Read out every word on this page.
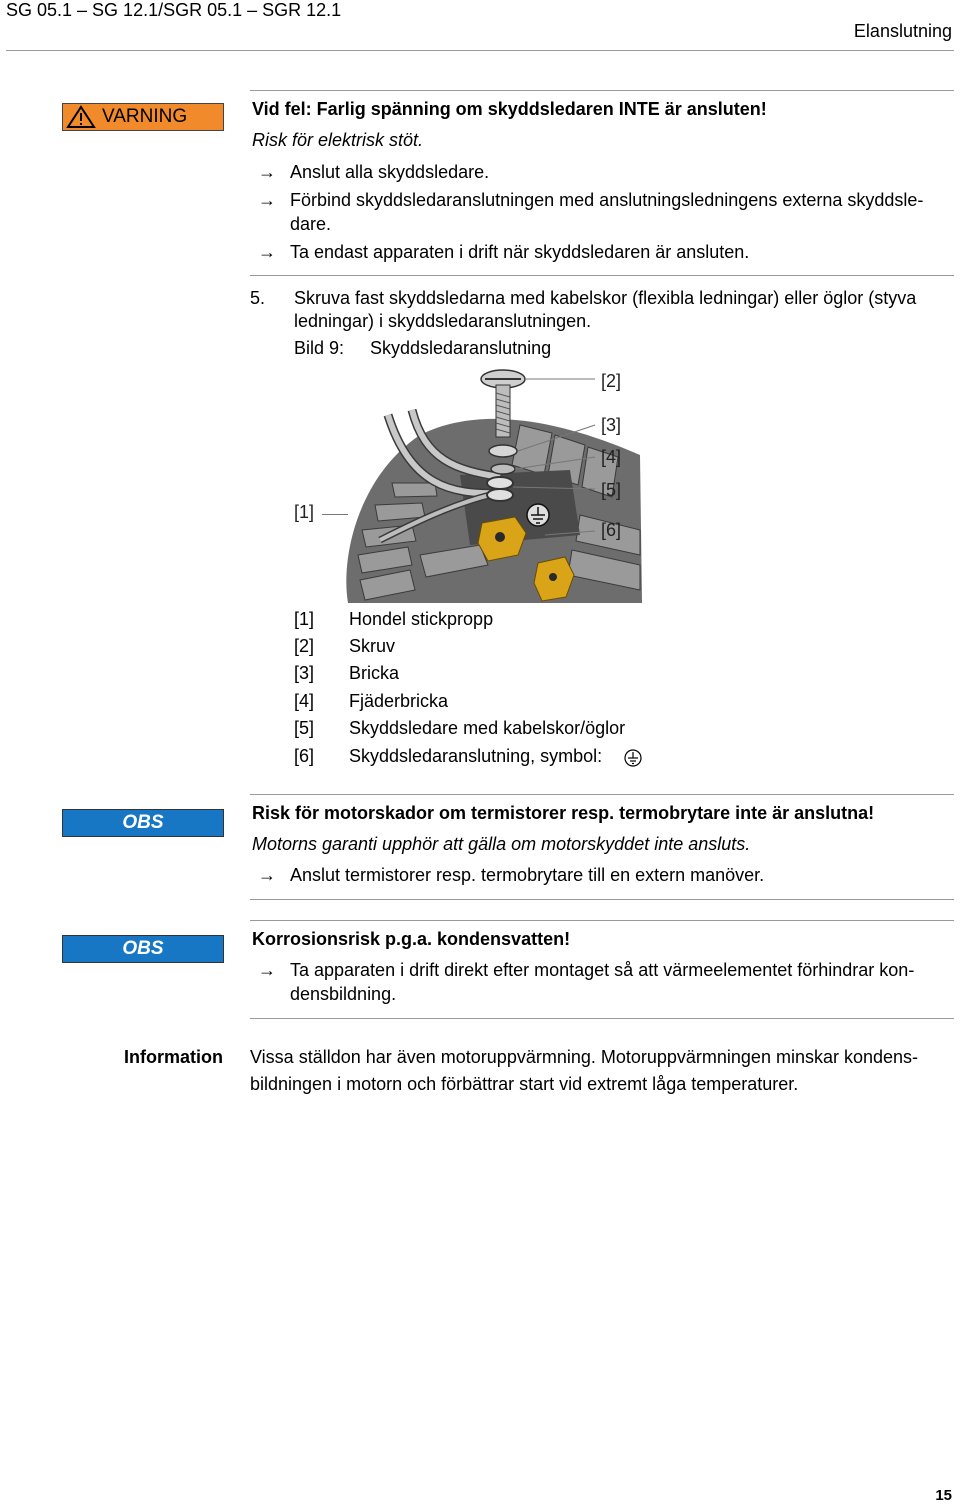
SG 05.1 – SG 12.1/SGR 05.1 – SGR 12.1
Elanslutning
VARNING	Vid fel: Farlig spänning om skyddsledaren INTE är ansluten!
Risk för elektrisk stöt.
→ Anslut alla skyddsledare.
→ Förbind skyddsledaranslutningen med anslutningsledningens externa skyddsle-
dare.
→ Ta endast apparaten i drift när skyddsledaren är ansluten.
5. Skruva fast skyddsledarna med kabelskor (flexibla ledningar) eller öglor (styva
ledningar) i skyddsledaranslutningen.
Bild 9: Skyddsledaranslutning
[1]
[2]
[3]
[4]
[5]
[6]
[1] Hondel stickpropp
[2] Skruv
[3] Bricka
[4] Fjäderbricka
[5] Skyddsledare med kabelskor/öglor
[6] Skyddsledaranslutning, symbol:
OBS	Risk för motorskador om termistorer resp. termobrytare inte är anslutna!
Motorns garanti upphör att gälla om motorskyddet inte ansluts.
→ Anslut termistorer resp. termobrytare till en extern manöver.
OBS	Korrosionsrisk p.g.a. kondensvatten!
→ Ta apparaten i drift direkt efter montaget så att värmeelementet förhindrar kon-
densbildning.
Information Vissa ställdon har även motoruppvärmning. Motoruppvärmningen minskar kondens-
bildningen i motorn och förbättrar start vid extremt låga temperaturer.
15
